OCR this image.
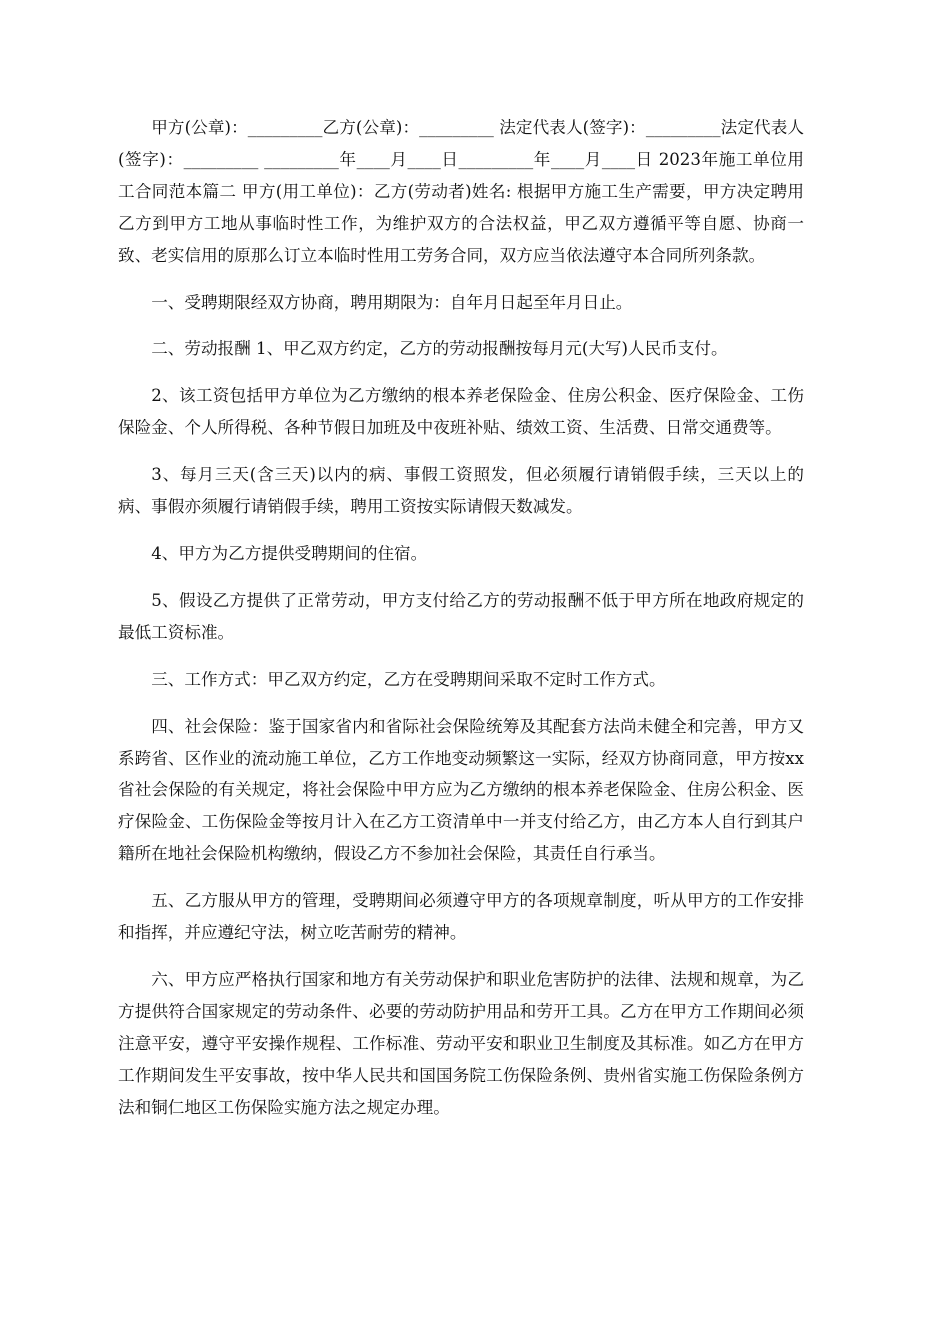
甲方(公章)：_________乙方(公章)：_________ 法定代表人(签字)：_________法定代表人(签字)：_________ _________年____月____日_________年____月____日 2023年施工单位用工合同范本篇二 甲方(用工单位)：乙方(劳动者)姓名: 根据甲方施工生产需要，甲方决定聘用乙方到甲方工地从事临时性工作，为维护双方的合法权益，甲乙双方遵循平等自愿、协商一致、老实信用的原那么订立本临时性用工劳务合同，双方应当依法遵守本合同所列条款。

一、受聘期限经双方协商，聘用期限为：自年月日起至年月日止。

二、劳动报酬 1、甲乙双方约定，乙方的劳动报酬按每月元(大写)人民币支付。

2、该工资包括甲方单位为乙方缴纳的根本养老保险金、住房公积金、医疗保险金、工伤保险金、个人所得税、各种节假日加班及中夜班补贴、绩效工资、生活费、日常交通费等。

3、每月三天(含三天)以内的病、事假工资照发，但必须履行请销假手续，三天以上的病、事假亦须履行请销假手续，聘用工资按实际请假天数减发。

4、甲方为乙方提供受聘期间的住宿。

5、假设乙方提供了正常劳动，甲方支付给乙方的劳动报酬不低于甲方所在地政府规定的最低工资标准。

三、工作方式：甲乙双方约定，乙方在受聘期间采取不定时工作方式。

四、社会保险：鉴于国家省内和省际社会保险统筹及其配套方法尚未健全和完善，甲方又系跨省、区作业的流动施工单位，乙方工作地变动频繁这一实际，经双方协商同意，甲方按xx省社会保险的有关规定，将社会保险中甲方应为乙方缴纳的根本养老保险金、住房公积金、医疗保险金、工伤保险金等按月计入在乙方工资清单中一并支付给乙方，由乙方本人自行到其户籍所在地社会保险机构缴纳，假设乙方不参加社会保险，其责任自行承当。

五、乙方服从甲方的管理，受聘期间必须遵守甲方的各项规章制度，听从甲方的工作安排和指挥，并应遵纪守法，树立吃苦耐劳的精神。

六、甲方应严格执行国家和地方有关劳动保护和职业危害防护的法律、法规和规章，为乙方提供符合国家规定的劳动条件、必要的劳动防护用品和劳开工具。乙方在甲方工作期间必须注意平安，遵守平安操作规程、工作标准、劳动平安和职业卫生制度及其标准。如乙方在甲方工作期间发生平安事故，按中华人民共和国国务院工伤保险条例、贵州省实施工伤保险条例方法和铜仁地区工伤保险实施方法之规定办理。
